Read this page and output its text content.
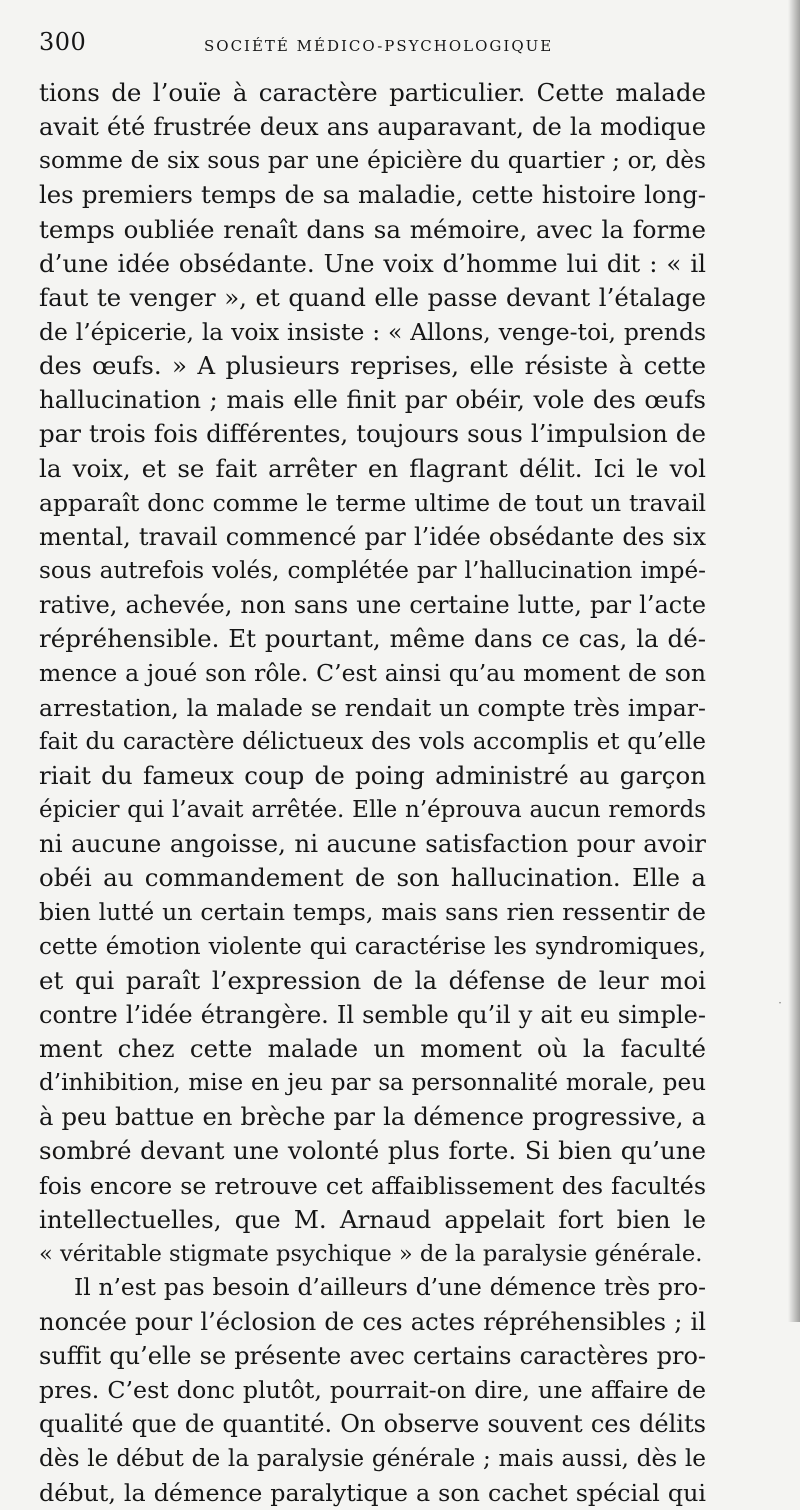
300	SOCIÉTÉ MÉDICO-PSYCHOLOGIQUE
tions de l’ouïe à caractère particulier. Cette malade
avait été frustrée deux ans auparavant, de la modique
somme de six sous par une épicière du quartier ; or, dès
les premiers temps de sa maladie, cette histoire long-
temps oubliée renaît dans sa mémoire, avec la forme
d’une idée obsédante. Une voix d’homme lui dit : « il
faut te venger », et quand elle passe devant l’étalage
de l’épicerie, la voix insiste : « Allons, venge-toi, prends
des œufs. » A plusieurs reprises, elle résiste à cette
hallucination ; mais elle finit par obéir, vole des œufs
par trois fois différentes, toujours sous l’impulsion de
la voix, et se fait arrêter en flagrant délit. Ici le vol
apparaît donc comme le terme ultime de tout un travail
mental, travail commencé par l’idée obsédante des six
sous autrefois volés, complétée par l’hallucination impé-
rative, achevée, non sans une certaine lutte, par l’acte
répréhensible. Et pourtant, même dans ce cas, la dé-
mence a joué son rôle. C’est ainsi qu’au moment de son
arrestation, la malade se rendait un compte très impar-
fait du caractère délictueux des vols accomplis et qu’elle
riait du fameux coup de poing administré au garçon
épicier qui l’avait arrêtée. Elle n’éprouva aucun remords
ni aucune angoisse, ni aucune satisfaction pour avoir
obéi au commandement de son hallucination. Elle a
bien lutté un certain temps, mais sans rien ressentir de
cette émotion violente qui caractérise les syndromiques,
et qui paraît l’expression de la défense de leur moi
contre l’idée étrangère. Il semble qu’il y ait eu simple-
ment chez cette malade un moment où la faculté
d’inhibition, mise en jeu par sa personnalité morale, peu
à peu battue en brèche par la démence progressive, a
sombré devant une volonté plus forte. Si bien qu’une
fois encore se retrouve cet affaiblissement des facultés
intellectuelles, que M. Arnaud appelait fort bien le
« véritable stigmate psychique » de la paralysie générale.
Il n’est pas besoin d’ailleurs d’une démence très pro-
noncée pour l’éclosion de ces actes répréhensibles ; il
suffit qu’elle se présente avec certains caractères pro-
pres. C’est donc plutôt, pourrait-on dire, une affaire de
qualité que de quantité. On observe souvent ces délits
dès le début de la paralysie générale ; mais aussi, dès le
début, la démence paralytique a son cachet spécial qui
·
